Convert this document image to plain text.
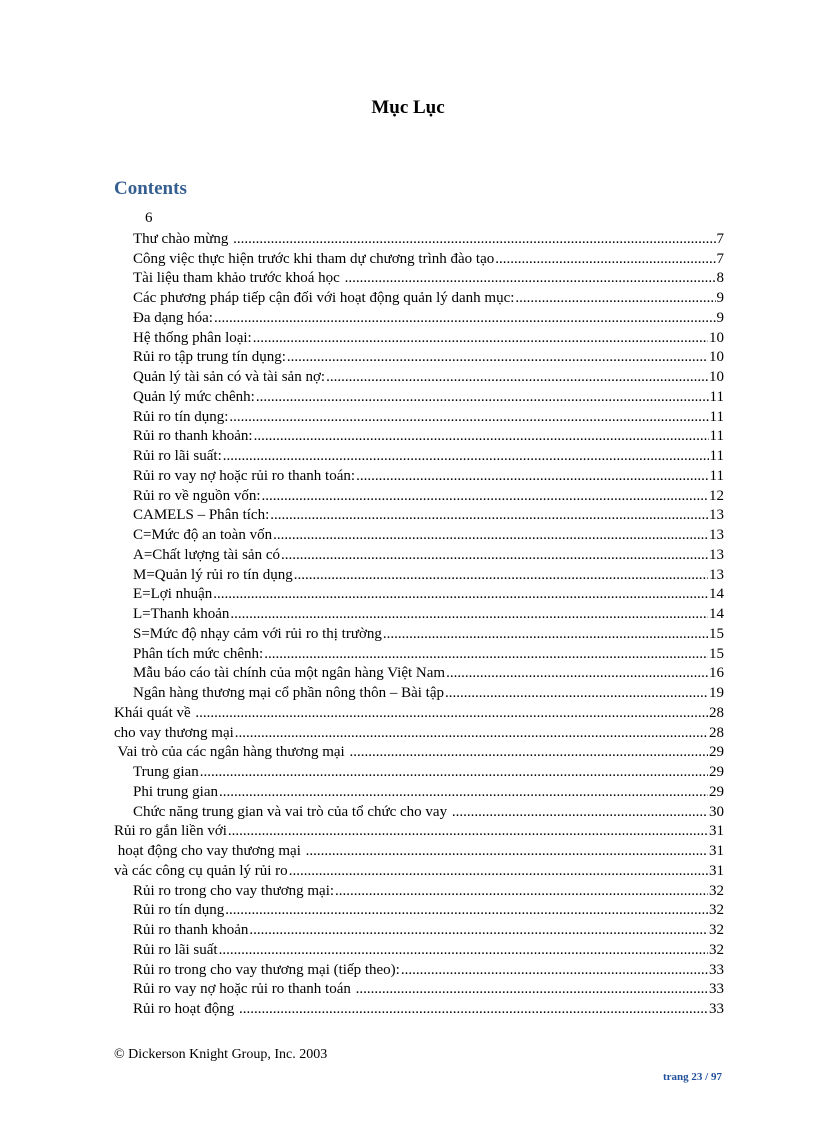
Mục Lục
Contents
6
Thư chào mừng .....	7
Công việc thực hiện trước khi tham dự chương trình đào tạo .....	7
Tài liệu tham khảo trước khoá học .....	8
Các phương pháp tiếp cận đối với hoạt động quản lý danh mục: .....	9
Đa dạng hóa: .....	9
Hệ thống phân loại: .....	10
Rủi ro tập trung tín dụng: .....	10
Quản lý tài sản có và tài sản nợ: .....	10
Quản lý mức chênh: .....	11
Rủi ro tín dụng: .....	11
Rủi ro thanh khoản: .....	11
Rủi ro lãi suất: .....	11
Rủi ro vay nợ hoặc rủi ro thanh toán: .....	11
Rủi ro về nguồn vốn: .....	12
CAMELS – Phân tích: .....	13
C=Mức độ an toàn vốn .....	13
A=Chất lượng tài sản có .....	13
M=Quản lý rủi ro tín dụng .....	13
E=Lợi nhuận .....	14
L=Thanh khoản .....	14
S=Mức độ nhạy cảm với rủi ro thị trường .....	15
Phân tích mức chênh: .....	15
Mẫu báo cáo tài chính của một ngân hàng Việt Nam .....	16
Ngân hàng thương mại cổ phần nông thôn – Bài tập .....	19
Khái quát về .....	28
cho vay thương mại .....	28
Vai trò của các ngân hàng thương mại .....	29
Trung gian .....	29
Phi trung gian .....	29
Chức năng trung gian và vai trò của tổ chức cho vay .....	30
Rủi ro gắn liền với .....	31
hoạt động cho vay thương mại .....	31
và các công cụ quản lý rủi ro .....	31
Rủi ro trong cho vay thương mại: .....	32
Rủi ro tín dụng .....	32
Rủi ro thanh khoản .....	32
Rủi ro lãi suất .....	32
Rủi ro trong cho vay thương mại (tiếp theo): .....	33
Rủi ro vay nợ hoặc rủi ro thanh toán .....	33
Rủi ro hoạt động .....	33
© Dickerson Knight Group, Inc. 2003
trang 23 / 97
